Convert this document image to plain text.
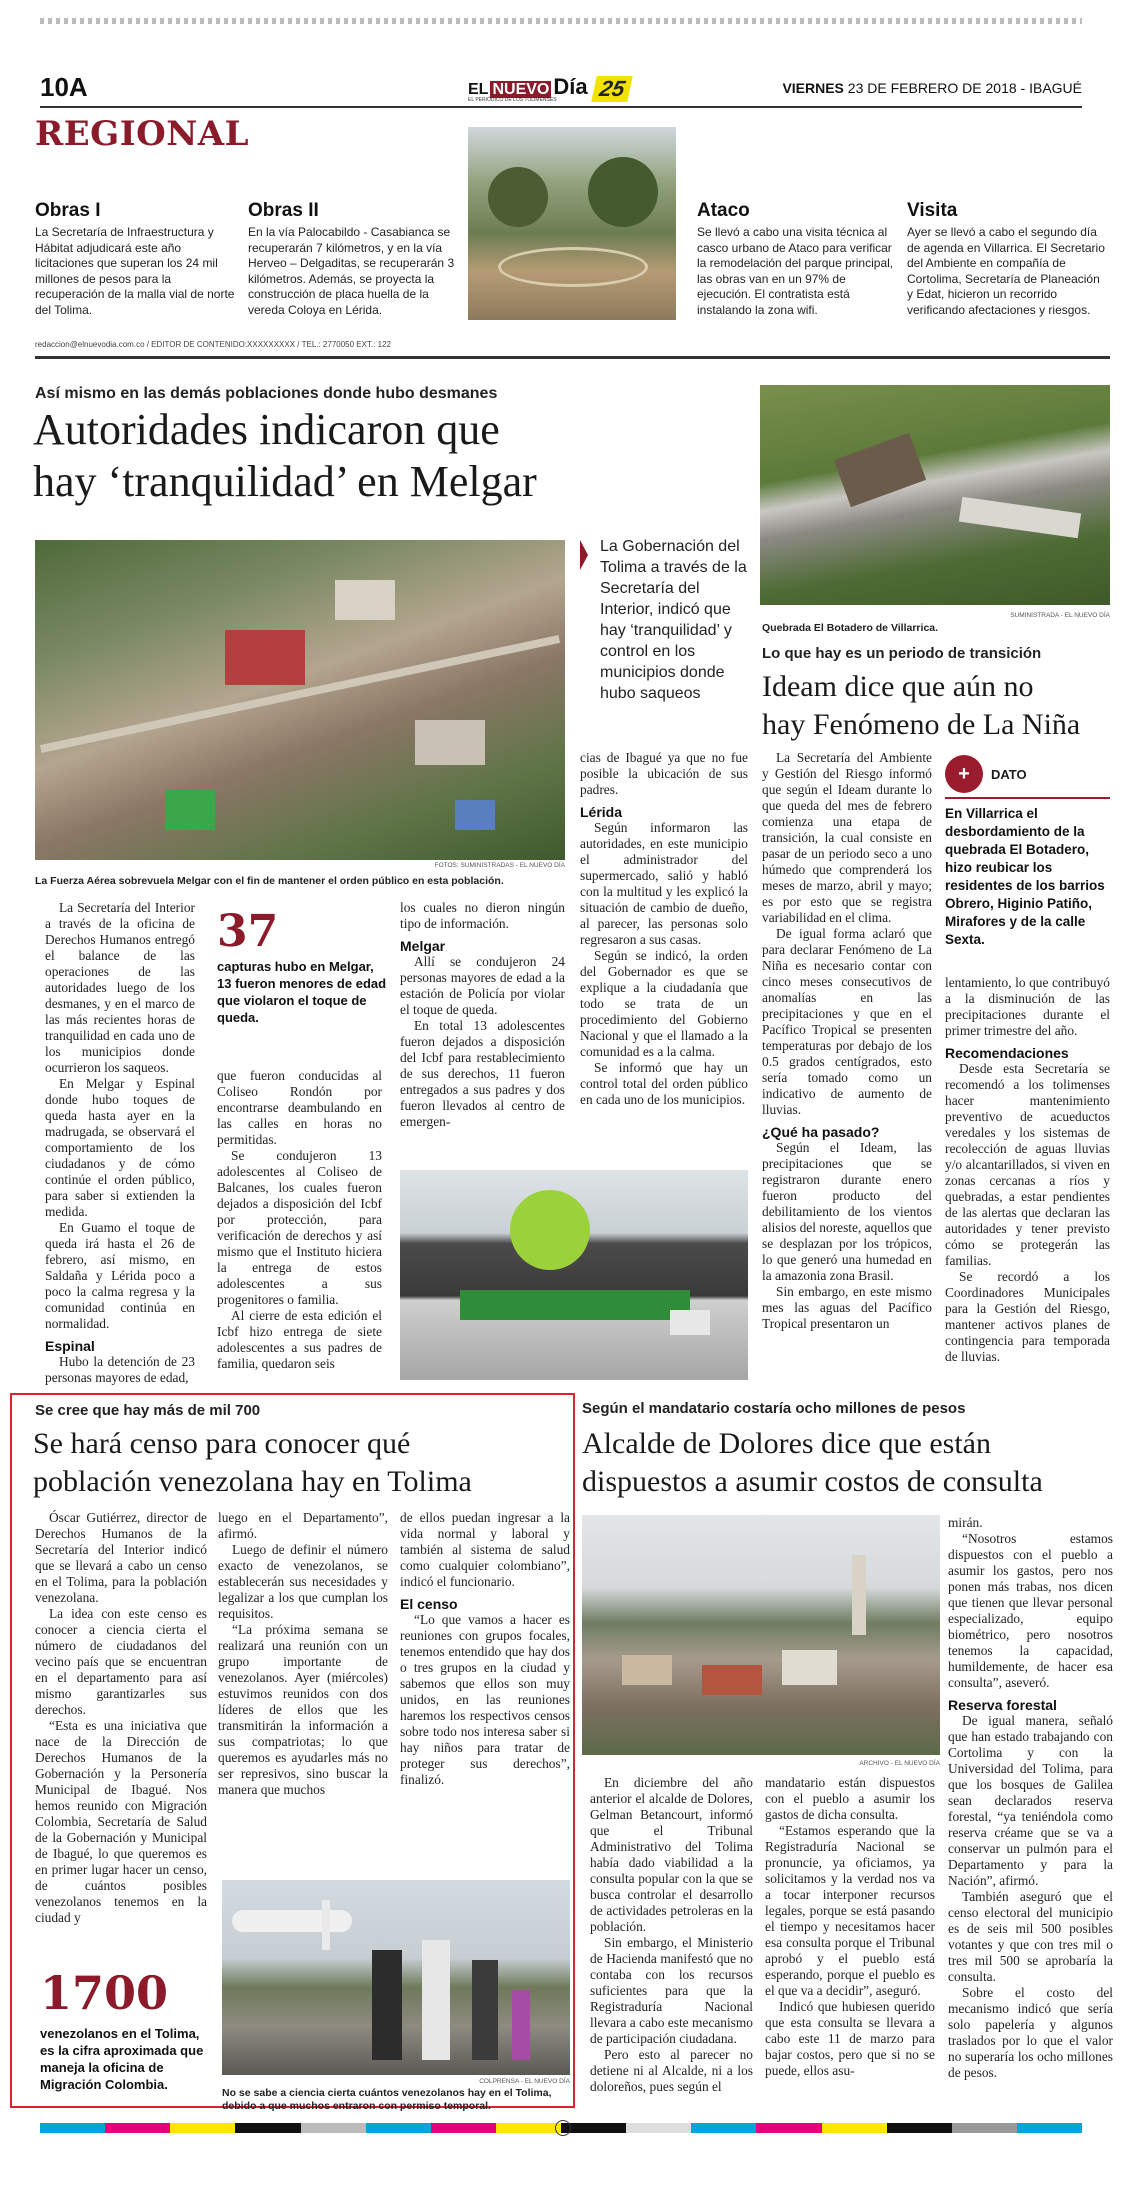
10A	EL NUEVO Día
EL PERIÓDICO DE LOS TOLIMENSES	25	VIERNES 23 DE FEBRERO DE 2018 - IBAGUÉ
REGIONAL
Obras I
La Secretaría de Infraestructura y Hábitat adjudicará este año licitaciones que superan los 24 mil millones de pesos para la recuperación de la malla vial de norte del Tolima.
Obras II
En la vía Palocabildo - Casabianca se recuperarán 7 kilómetros, y en la vía Herveo – Delgaditas, se recuperarán 3 kilómetros. Además, se proyecta la construcción de placa huella de la vereda Coloya en Lérida.
Ataco
Se llevó a cabo una visita técnica al casco urbano de Ataco para verificar la remodelación del parque principal, las obras van en un 97% de ejecución. El contratista está instalando la zona wifi.
Visita
Ayer se llevó a cabo el segundo día de agenda en Villarrica. El Secretario del Ambiente en compañía de Cortolima, Secretaría de Planeación y Edat, hicieron un recorrido verificando afectaciones y riesgos.
redaccion@elnuevodia.com.co / EDITOR DE CONTENIDO:XXXXXXXXX / TEL.: 2770050 EXT.: 122
Así mismo en las demás poblaciones donde hubo desmanes
Autoridades indicaron que
hay ‘tranquilidad’ en Melgar
FOTOS: SUMINISTRADAS - EL NUEVO DÍA
La Fuerza Aérea sobrevuela Melgar con el fin de mantener el orden público en esta población.
La Gobernación del Tolima a través de la Secretaría del Interior, indicó que hay ‘tranquilidad’ y control en los municipios donde hubo saqueos

La Secretaría del Interior a través de la oficina de Derechos Humanos entregó el balance de las operaciones de las autoridades luego de los desmanes, y en el marco de las más recientes horas de tranquilidad en cada uno de los municipios donde ocurrieron los saqueos.

En Melgar y Espinal donde hubo toques de queda hasta ayer en la madrugada, se observará el comportamiento de los ciudadanos y de cómo continúe el orden público, para saber si extienden la medida.

En Guamo el toque de queda irá hasta el 26 de febrero, así mismo, en Saldaña y Lérida poco a poco la calma regresa y la comunidad continúa en normalidad.

Espinal

Hubo la detención de 23 personas mayores de edad,

37
capturas hubo en Melgar, 13 fueron menores de edad que violaron el toque de queda.

que fueron conducidas al Coliseo Rondón por encontrarse deambulando en las calles en horas no permitidas.

Se condujeron 13 adolescentes al Coliseo de Balcanes, los cuales fueron dejados a disposición del Icbf por protección, para verificación de derechos y así mismo que el Instituto hiciera la entrega de estos adolescentes a sus progenitores o familia.

Al cierre de esta edición el Icbf hizo entrega de siete adolescentes a sus padres de familia, quedaron seis

los cuales no dieron ningún tipo de información.

Melgar

Allí se condujeron 24 personas mayores de edad a la estación de Policía por violar el toque de queda.

En total 13 adolescentes fueron dejados a disposición del Icbf para restablecimiento de sus derechos, 11 fueron entregados a sus padres y dos fueron llevados al centro de emergen-

cias de Ibagué ya que no fue posible la ubicación de sus padres.

Lérida

Según informaron las autoridades, en este municipio el administrador del supermercado, salió y habló con la multitud y les explicó la situación de cambio de dueño, al parecer, las personas solo regresaron a sus casas.

Según se indicó, la orden del Gobernador es que se explique a la ciudadanía que todo se trata de un procedimiento del Gobierno Nacional y que el llamado a la comunidad es a la calma.

Se informó que hay un control total del orden público en cada uno de los municipios.

SUMINISTRADA - EL NUEVO DÍA
Quebrada El Botadero de Villarrica.
Lo que hay es un periodo de transición
Ideam dice que aún no
hay Fenómeno de La Niña

La Secretaría del Ambiente y Gestión del Riesgo informó que según el Ideam durante lo que queda del mes de febrero comienza una etapa de transición, la cual consiste en pasar de un periodo seco a uno húmedo que comprenderá los meses de marzo, abril y mayo; es por esto que se registra variabilidad en el clima.

De igual forma aclaró que para declarar Fenómeno de La Niña es necesario contar con cinco meses consecutivos de anomalías en las precipitaciones y que en el Pacífico Tropical se presenten temperaturas por debajo de los 0.5 grados centígrados, esto sería tomado como un indicativo de aumento de lluvias.

¿Qué ha pasado?

Según el Ideam, las precipitaciones que se registraron durante enero fueron producto del debilitamiento de los vientos alisios del noreste, aquellos que se desplazan por los trópicos, lo que generó una humedad en la amazonia zona Brasil.

Sin embargo, en este mismo mes las aguas del Pacífico Tropical presentaron un

+	DATO
En Villarrica el desbordamiento de la quebrada El Botadero, hizo reubicar los residentes de los barrios Obrero, Higinio Patiño, Mirafores y de la calle Sexta.

lentamiento, lo que contribuyó a la disminución de las precipitaciones durante el primer trimestre del año.

Recomendaciones

Desde esta Secretaría se recomendó a los tolimenses hacer mantenimiento preventivo de acueductos veredales y los sistemas de recolección de aguas lluvias y/o alcantarillados, si viven en zonas cercanas a ríos y quebradas, a estar pendientes de las alertas que declaran las autoridades y tener previsto cómo se protegerán las familias.

Se recordó a los Coordinadores Municipales para la Gestión del Riesgo, mantener activos planes de contingencia para temporada de lluvias.

Se cree que hay más de mil 700
Se hará censo para conocer qué
población venezolana hay en Tolima

Óscar Gutiérrez, director de Derechos Humanos de la Secretaría del Interior indicó que se llevará a cabo un censo en el Tolima, para la población venezolana.

La idea con este censo es conocer a ciencia cierta el número de ciudadanos del vecino país que se encuentran en el departamento para así mismo garantizarles sus derechos.

“Esta es una iniciativa que nace de la Dirección de Derechos Humanos de la Gobernación y la Personería Municipal de Ibagué. Nos hemos reunido con Migración Colombia, Secretaría de Salud de la Gobernación y Municipal de Ibagué, lo que queremos es en primer lugar hacer un censo, de cuántos posibles venezolanos tenemos en la ciudad y

luego en el Departamento”, afirmó.

Luego de definir el número exacto de venezolanos, se establecerán sus necesidades y legalizar a los que cumplan los requisitos.

“La próxima semana se realizará una reunión con un grupo importante de venezolanos. Ayer (miércoles) estuvimos reunidos con dos líderes de ellos que les transmitirán la información a sus compatriotas; lo que queremos es ayudarles más no ser represivos, sino buscar la manera que muchos

de ellos puedan ingresar a la vida normal y laboral y también al sistema de salud como cualquier colombiano”, indicó el funcionario.

El censo

“Lo que vamos a hacer es reuniones con grupos focales, tenemos entendido que hay dos o tres grupos en la ciudad y sabemos que ellos son muy unidos, en las reuniones haremos los respectivos censos sobre todo nos interesa saber si hay niños para tratar de proteger sus derechos”, finalizó.

1700
venezolanos en el Tolima, es la cifra aproximada que maneja la oficina de Migración Colombia.	COLPRENSA - EL NUEVO DÍA
No se sabe a ciencia cierta cuántos venezolanos hay en el Tolima, debido a que muchos entraron con permiso temporal.
Según el mandatario costaría ocho millones de pesos
Alcalde de Dolores dice que están
dispuestos a asumir costos de consulta
ARCHIVO - EL NUEVO DÍA

En diciembre del año anterior el alcalde de Dolores, Gelman Betancourt, informó que el Tribunal Administrativo del Tolima había dado viabilidad a la consulta popular con la que se busca controlar el desarrollo de actividades petroleras en la población.

Sin embargo, el Ministerio de Hacienda manifestó que no contaba con los recursos suficientes para que la Registraduría Nacional llevara a cabo este mecanismo de participación ciudadana.

Pero esto al parecer no detiene ni al Alcalde, ni a los doloreños, pues según el

mandatario están dispuestos con el pueblo a asumir los gastos de dicha consulta.

“Estamos esperando que la Registraduría Nacional se pronuncie, ya oficiamos, ya solicitamos y la verdad nos va a tocar interponer recursos legales, porque se está pasando el tiempo y necesitamos hacer esa consulta porque el Tribunal aprobó y el pueblo está esperando, porque el pueblo es el que va a decidir”, aseguró.

Indicó que hubiesen querido que esta consulta se llevara a cabo este 11 de marzo para bajar costos, pero que si no se puede, ellos asu-

mirán.

“Nosotros estamos dispuestos con el pueblo a asumir los gastos, pero nos ponen más trabas, nos dicen que tienen que llevar personal especializado, equipo biométrico, pero nosotros tenemos la capacidad, humildemente, de hacer esa consulta”, aseveró.

Reserva forestal

De igual manera, señaló que han estado trabajando con Cortolima y con la Universidad del Tolima, para que los bosques de Galilea sean declarados reserva forestal, “ya teniéndola como reserva créame que se va a conservar un pulmón para el Departamento y para la Nación”, afirmó.

También aseguró que el censo electoral del municipio es de seis mil 500 posibles votantes y que con tres mil o tres mil 500 se aprobaría la consulta.

Sobre el costo del mecanismo indicó que sería solo papelería y algunos traslados por lo que el valor no superaría los ocho millones de pesos.
